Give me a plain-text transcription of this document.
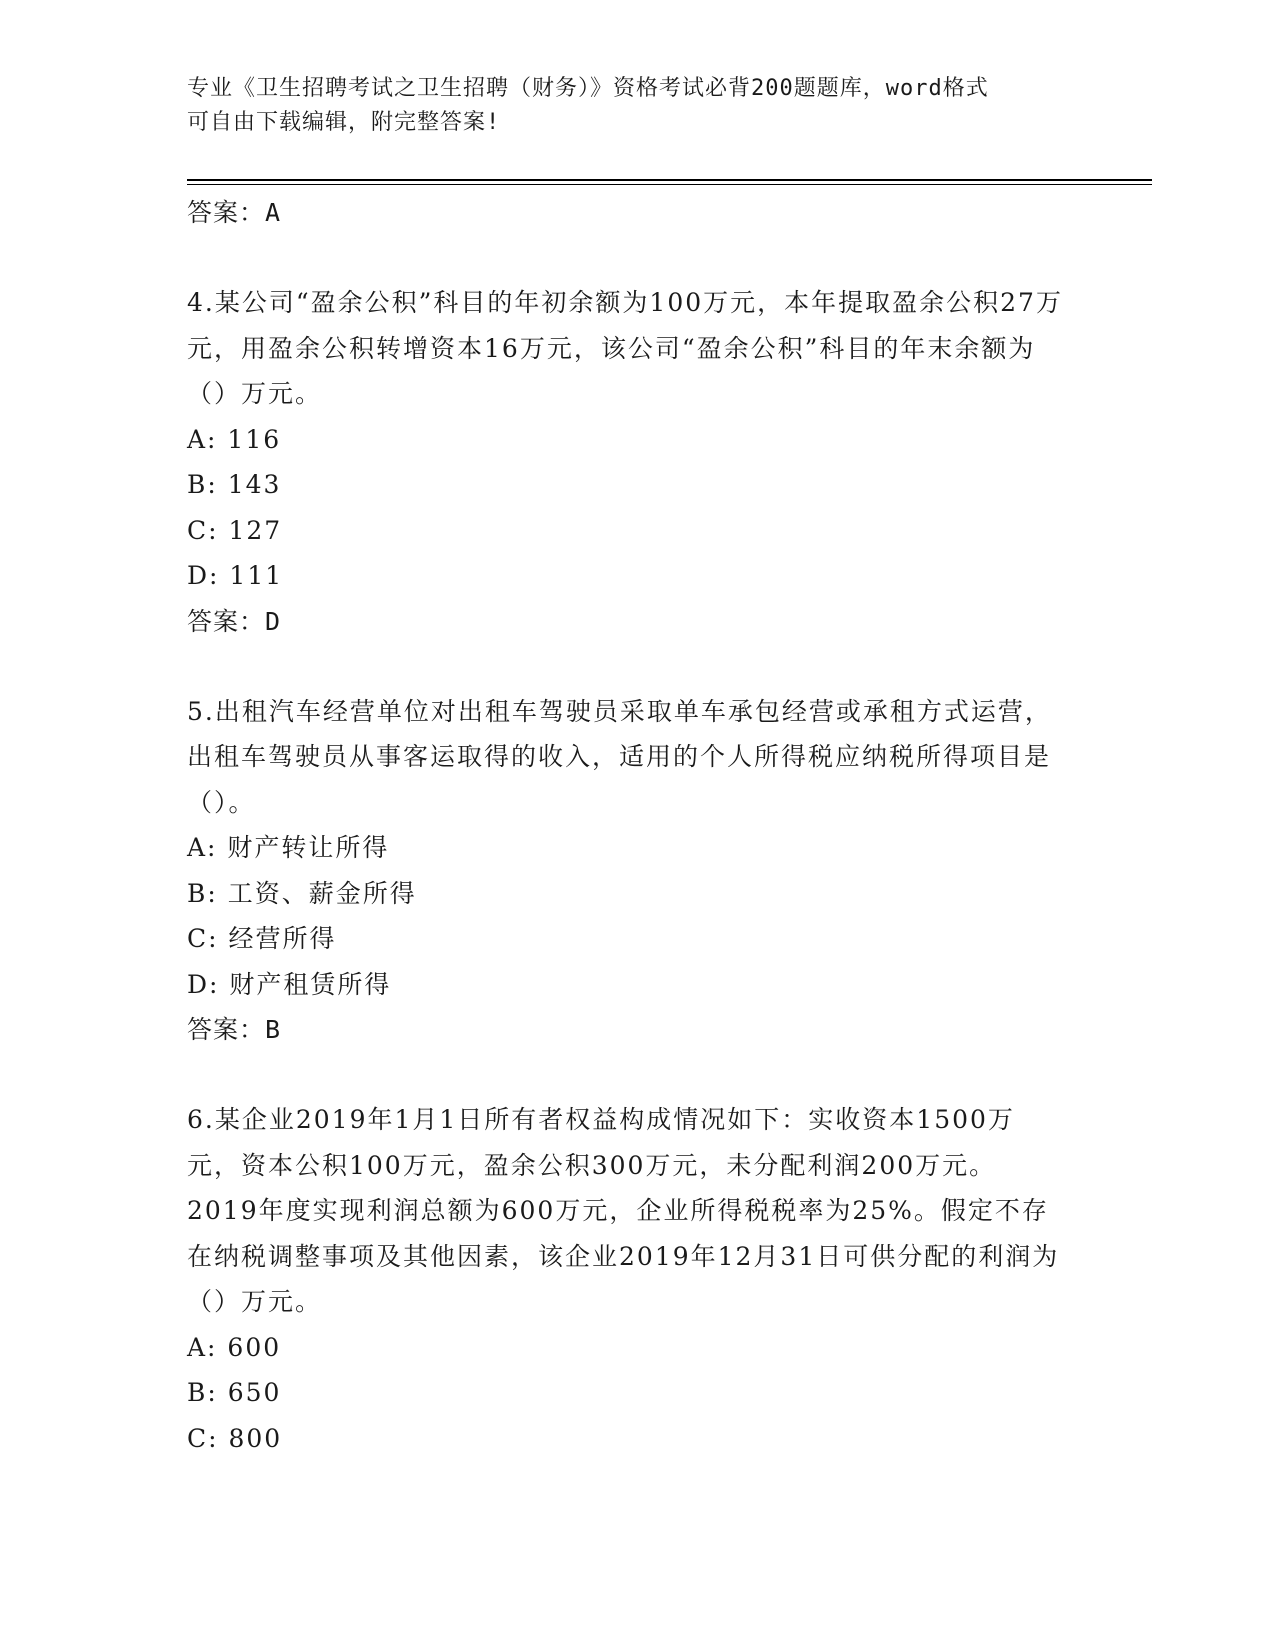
专业《卫生招聘考试之卫生招聘（财务）》资格考试必背200题题库，word格式
可自由下载编辑，附完整答案!
答案：A
4.某公司“盈余公积”科目的年初余额为100万元，本年提取盈余公积27万元，用盈余公积转增资本16万元，该公司“盈余公积”科目的年末余额为（）万元。
A: 116
B: 143
C: 127
D: 111
答案：D
5.出租汽车经营单位对出租车驾驶员采取单车承包经营或承租方式运营，出租车驾驶员从事客运取得的收入，适用的个人所得税应纳税所得项目是（）。
A: 财产转让所得
B: 工资、薪金所得
C: 经营所得
D: 财产租赁所得
答案：B
6.某企业2019年1月1日所有者权益构成情况如下：实收资本1500万元，资本公积100万元，盈余公积300万元，未分配利润200万元。2019年度实现利润总额为600万元，企业所得税税率为25%。假定不存在纳税调整事项及其他因素，该企业2019年12月31日可供分配的利润为（）万元。
A: 600
B: 650
C: 800
